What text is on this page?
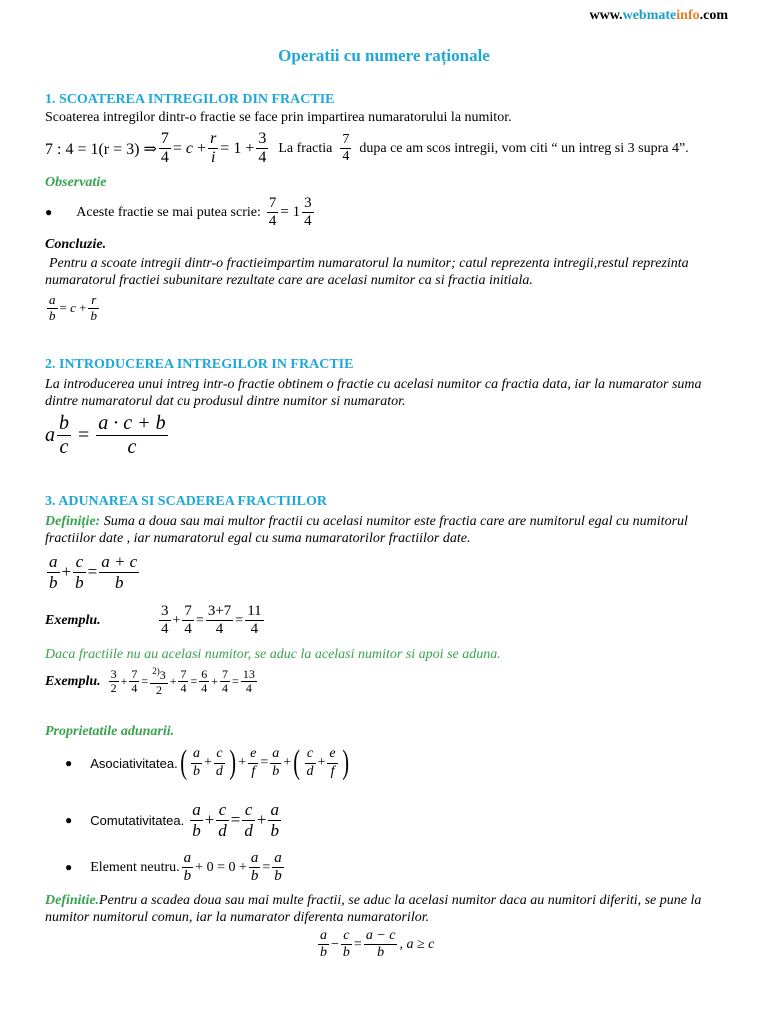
www.webmateinfo.com
Operatii cu numere raționale
1. SCOATEREA INTREGILOR DIN FRACTIE
Scoaterea intregilor dintr-o fractie se face prin impartirea numaratorului la numitor.
7 : 4 = 1(r = 3) ⇒ $\frac{7}{4} = c + \frac{r}{i} = 1 + \frac{3}{4}$ La fractia
7
4
dupa ce am scos intregii, vom citi “ un intreg si 3 supra 4”.
Observatie
● Aceste fractie se mai putea scrie: $\frac{7}{4} = 1$
3
4
Concluzie.
Pentru a scoate intregii dintr-o fractieimpartim numaratorul la numitor; catul reprezenta intregii,restul reprezinta numaratorul fractiei subunitare rezultate care are acelasi numitor ca si fractia initiala.
$\frac{a}{b} = c + \frac{r}{b}$
2. INTRODUCEREA INTREGILOR IN FRACTIE
La introducerea unui intreg intr-o fractie obtinem o fractie cu acelasi numitor ca fractia data, iar la numarator suma dintre numaratorul dat cu produsul dintre numitor si numarator.
a $\frac{b}{c} = \frac{a \cdot c + b}{c}$
3. ADUNAREA SI SCADEREA FRACTIILOR
Definiție: Suma a doua sau mai multor fractii cu acelasi numitor este fractia care are numitorul egal cu numitorul fractiilor date , iar numaratorul egal cu suma numaratorilor fractiilor date.
a
b
+ $\frac{c}{b} = \frac{a + c}{b}$
Exemplu.
3
4
+ $\frac{7}{4} = \frac{3+7}{4} = \frac{11}{4}$
Daca fractiile nu au acelasi numitor, se aduc la acelasi numitor si apoi se aduna.
Exemplu.
3
$2 + \frac{7}{4} = \frac{^{2)}3}{2} + \frac{7}{4} = \frac{6}{4} + \frac{7}{4} = \frac{13}{4}$
Proprietatile adunarii.
● Asociativitatea. ( a
b
+ $\frac{c}{d}$ ) + $\frac{e}{f} = \frac{a}{b}$ + ( c
d
+ $\frac{e}{f}$ )
● Comutativitatea.
a
b
+ $\frac{c}{d} = \frac{c}{d} + \frac{a}{b}$
● Element neutru.
a
b
+ $0 = 0 + \frac{a}{b} = \frac{a}{b}$
Definitie.Pentru a scadea doua sau mai multe fractii, se aduc la acelasi numitor daca au numitori diferiti, se pune la numitor numitorul comun, iar la numarator diferenta numaratorilor.
a
b
− $\frac{c}{b} = \frac{a - c}{b}$ , a ≥ c
